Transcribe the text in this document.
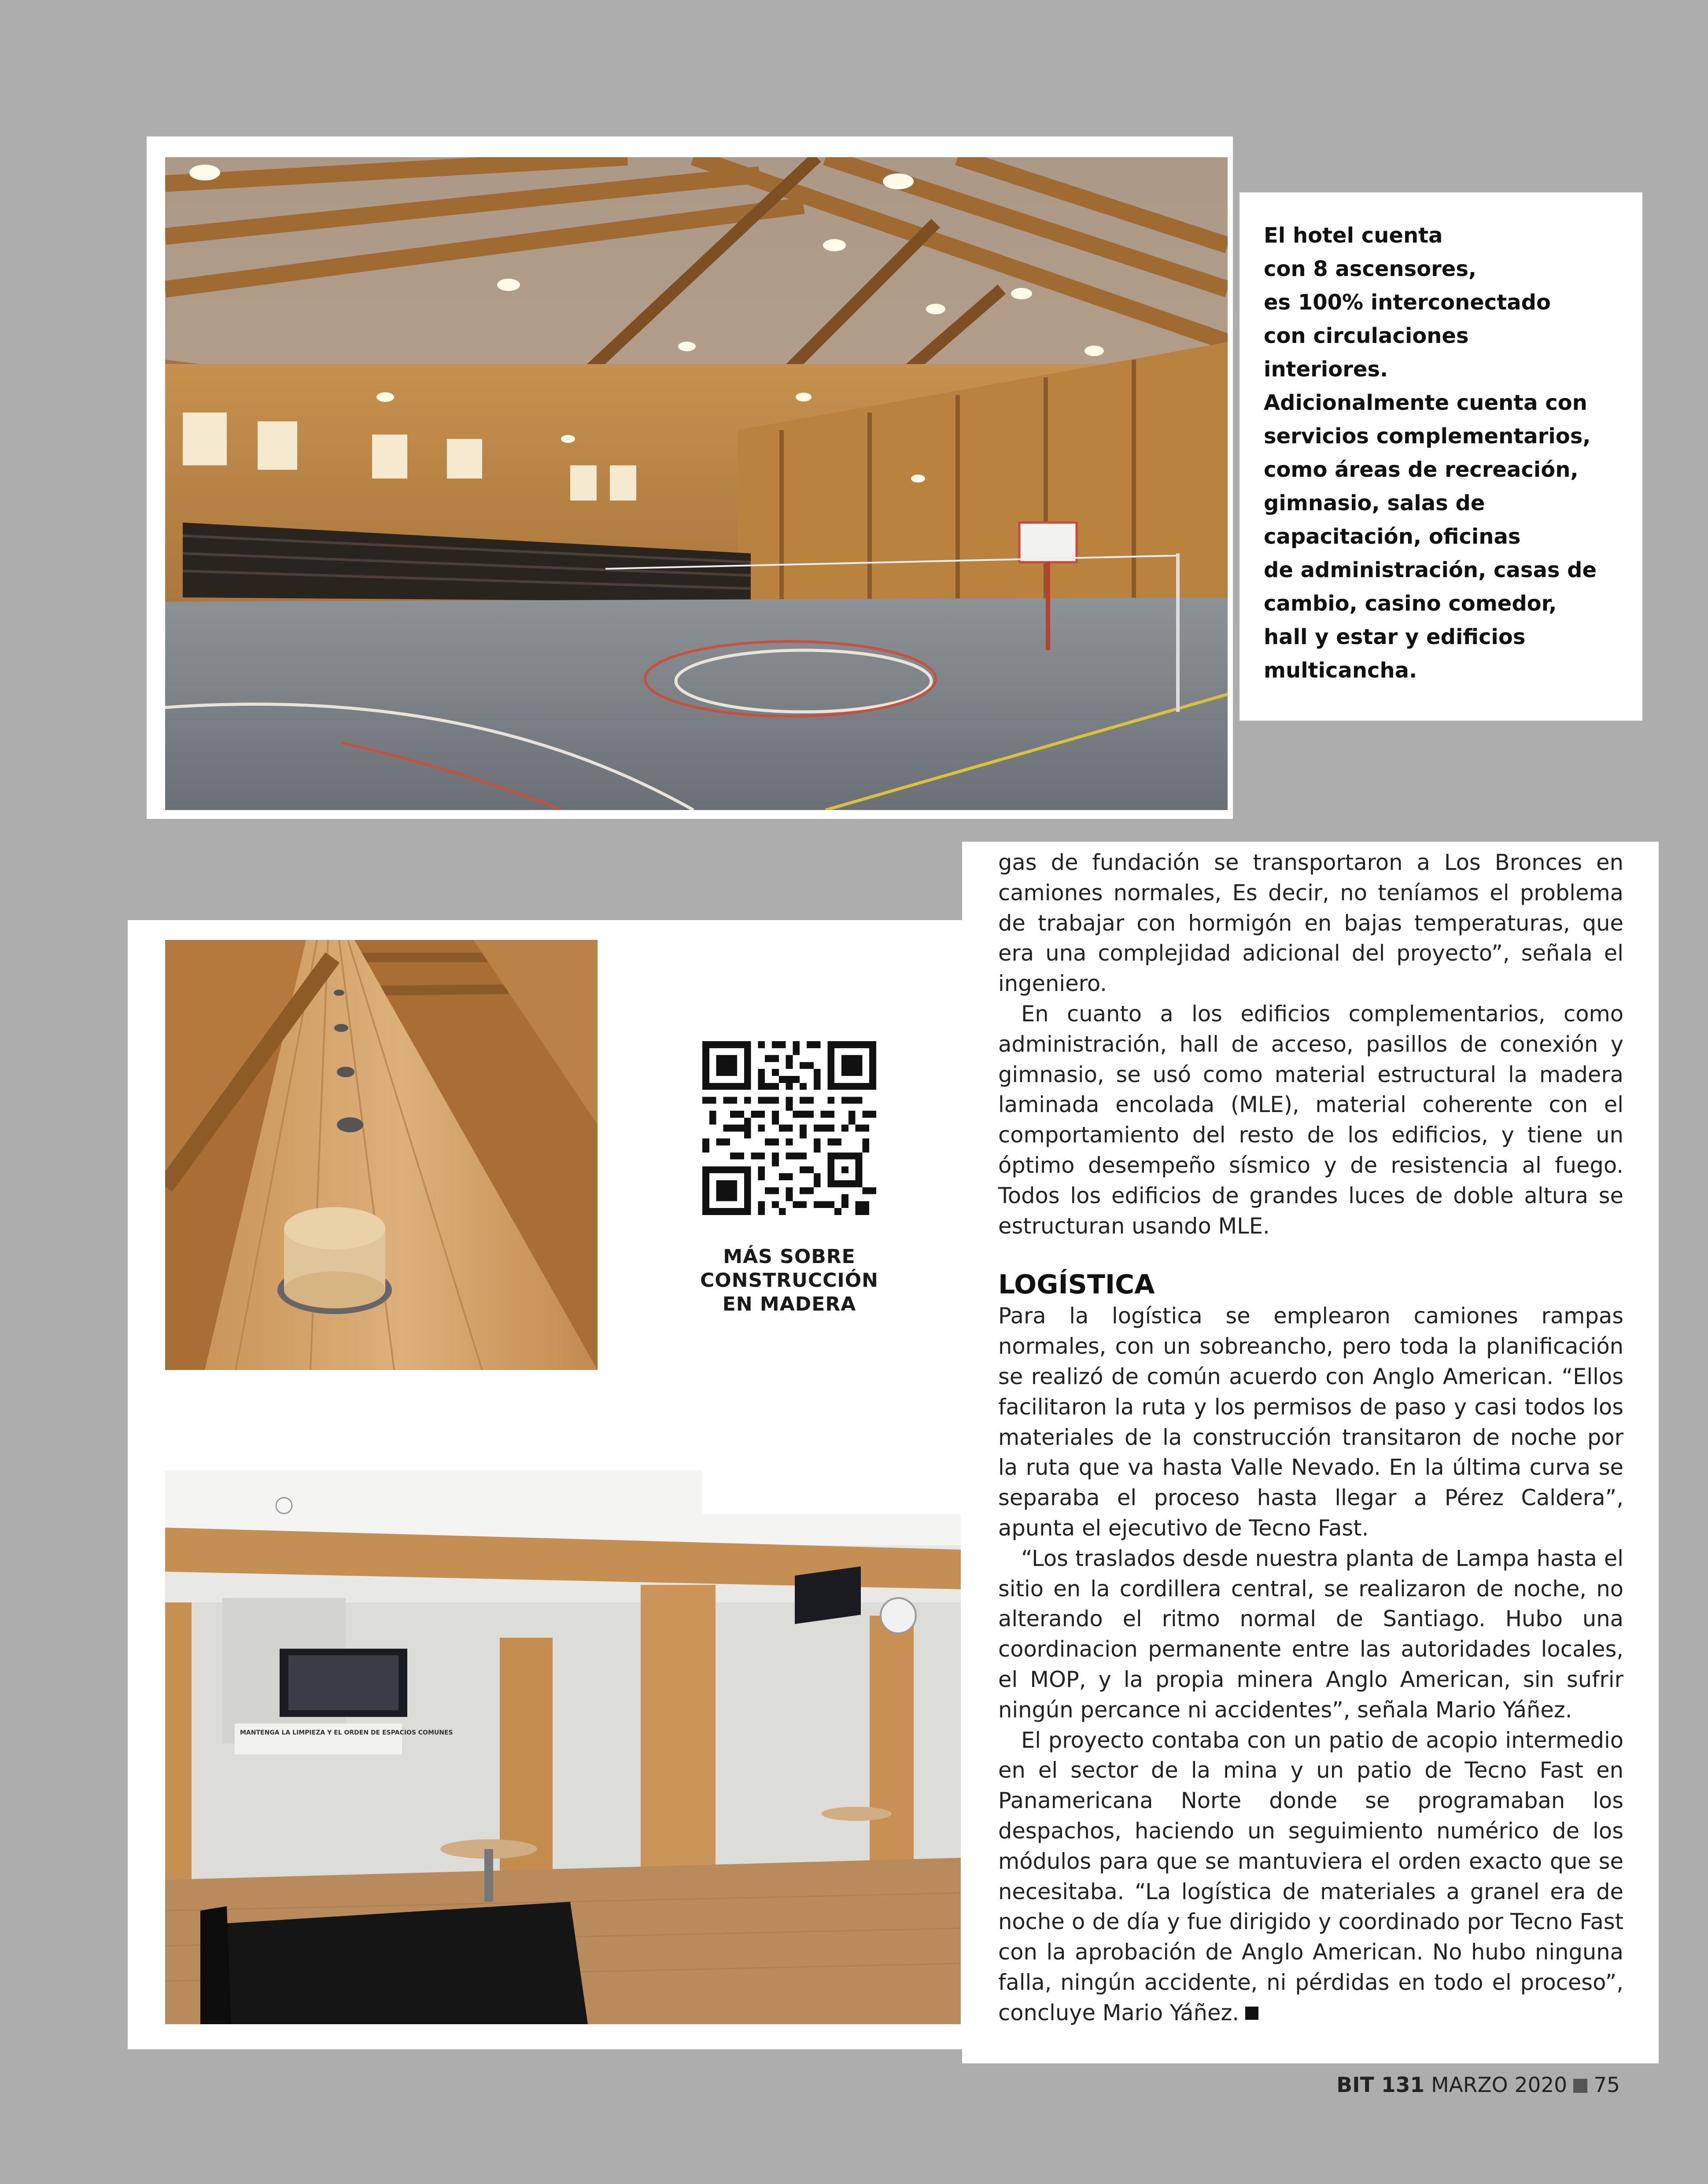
El hotel cuenta

con 8 ascensores,

es 100% interconectado

con circulaciones interiores.

Adicionalmente cuenta con

servicios complementarios,

como áreas de recreación,

gimnasio, salas de

capacitación, oficinas

de administración, casas de

cambio, casino comedor,

hall y estar y edificios

multicancha.

MÁS SOBRE
CONSTRUCCIÓN
EN MADERA
MANTENGA LA LIMPIEZA Y EL ORDEN DE ESPACIOS COMUNES

gas de fundación se transportaron a Los Bronces en camiones normales, Es decir, no teníamos el problema de trabajar con hormigón en bajas temperaturas, que era una complejidad adicional del proyecto”, señala el ingeniero.

En cuanto a los edificios complementarios, como administración, hall de acceso, pasillos de conexión y gimnasio, se usó como material estructural la madera laminada encolada (MLE), material coherente con el comportamiento del resto de los edificios, y tiene un óptimo desempeño sísmico y de resistencia al fuego. Todos los edificios de grandes luces de doble altura se estructuran usando MLE.

LOGÍSTICA

Para la logística se emplearon camiones rampas normales, con un sobreancho, pero toda la planificación se realizó de común acuerdo con Anglo American. “Ellos facilitaron la ruta y los permisos de paso y casi todos los materiales de la construcción transitaron de noche por la ruta que va hasta Valle Nevado. En la última curva se separaba el proceso hasta llegar a Pérez Caldera”, apunta el ejecutivo de Tecno Fast.

“Los traslados desde nuestra planta de Lampa hasta el sitio en la cordillera central, se realizaron de noche, no alterando el ritmo normal de Santiago. Hubo una coordinacion permanente entre las autoridades locales, el MOP, y la propia minera Anglo American, sin sufrir ningún percance ni accidentes”, señala Mario Yáñez.

El proyecto contaba con un patio de acopio intermedio en el sector de la mina y un patio de Tecno Fast en Panamericana Norte donde se programaban los despachos, haciendo un seguimiento numérico de los módulos para que se mantuviera el orden exacto que se necesitaba. “La logística de materiales a granel era de noche o de día y fue dirigido y coordinado por Tecno Fast con la aprobación de Anglo American. No hubo ninguna falla, ningún accidente, ni pérdidas en todo el proceso”, concluye Mario Yáñez.

BIT 131 MARZO 2020 75
